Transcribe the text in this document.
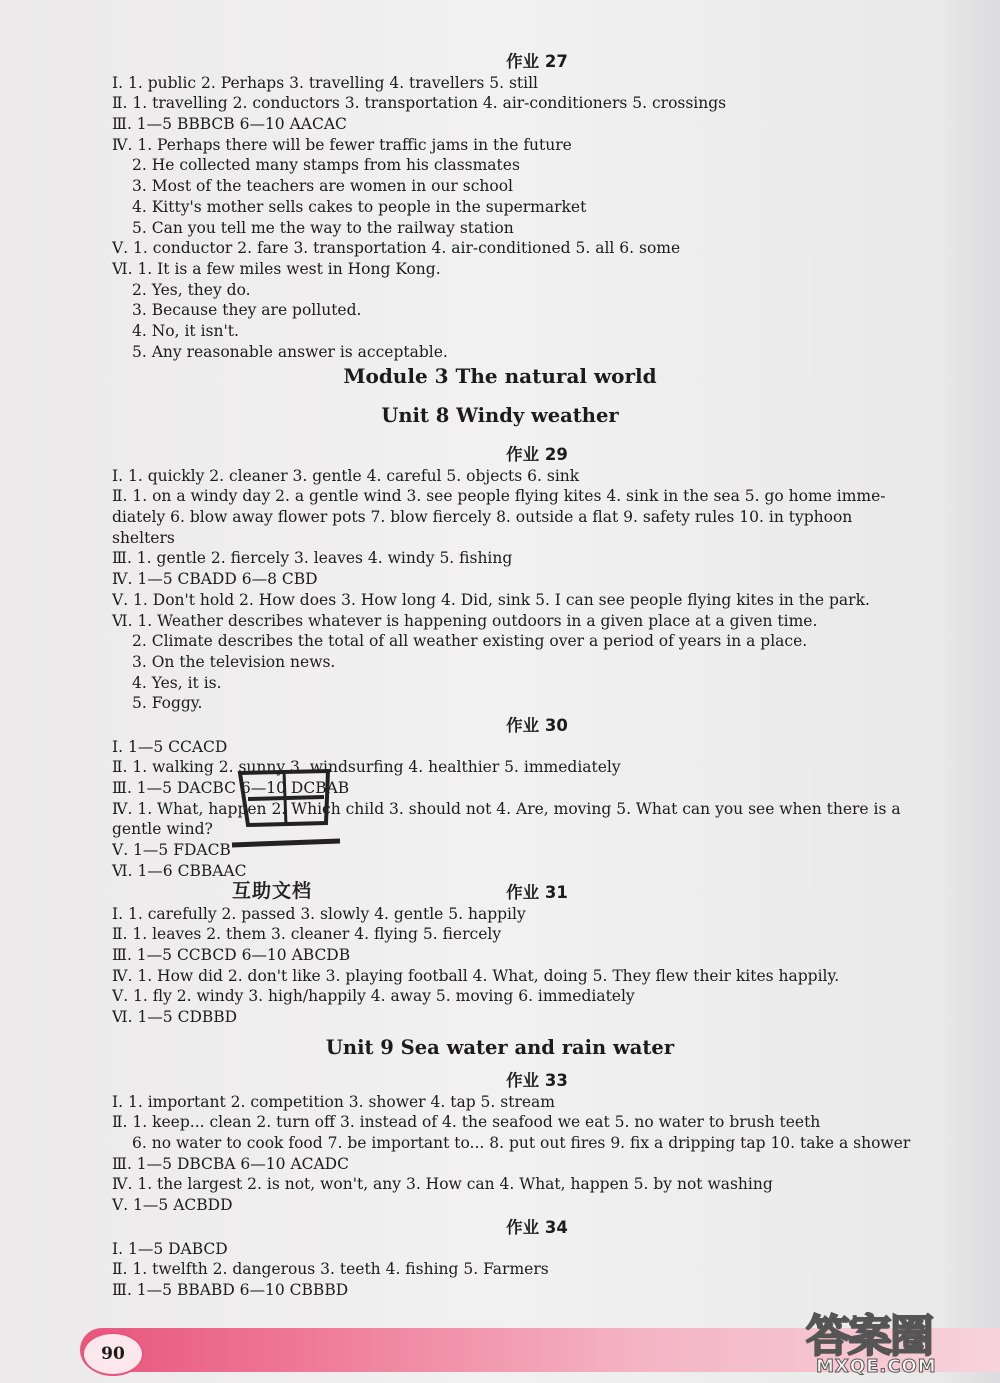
作业 27
Ⅰ. 1. public 2. Perhaps 3. travelling 4. travellers 5. still
Ⅱ. 1. travelling 2. conductors 3. transportation 4. air-conditioners 5. crossings
Ⅲ. 1—5 BBBCB 6—10 AACAC
Ⅳ. 1. Perhaps there will be fewer traffic jams in the future
2. He collected many stamps from his classmates
3. Most of the teachers are women in our school
4. Kitty's mother sells cakes to people in the supermarket
5. Can you tell me the way to the railway station
Ⅴ. 1. conductor 2. fare 3. transportation 4. air-conditioned 5. all 6. some
Ⅵ. 1. It is a few miles west in Hong Kong.
2. Yes, they do.
3. Because they are polluted.
4. No, it isn't.
5. Any reasonable answer is acceptable.
Module 3 The natural world
Unit 8 Windy weather
作业 29
Ⅰ. 1. quickly 2. cleaner 3. gentle 4. careful 5. objects 6. sink
Ⅱ. 1. on a windy day 2. a gentle wind 3. see people flying kites 4. sink in the sea 5. go home imme-
diately 6. blow away flower pots 7. blow fiercely 8. outside a flat 9. safety rules 10. in typhoon
shelters
Ⅲ. 1. gentle 2. fiercely 3. leaves 4. windy 5. fishing
Ⅳ. 1—5 CBADD 6—8 CBD
Ⅴ. 1. Don't hold 2. How does 3. How long 4. Did, sink 5. I can see people flying kites in the park.
Ⅵ. 1. Weather describes whatever is happening outdoors in a given place at a given time.
2. Climate describes the total of all weather existing over a period of years in a place.
3. On the television news.
4. Yes, it is.
5. Foggy.
作业 30
Ⅰ. 1—5 CCACD
Ⅱ. 1. walking 2. sunny 3. windsurfing 4. healthier 5. immediately
Ⅲ. 1—5 DACBC 6—10 DCBAB
Ⅳ. 1. What, happen 2. Which child 3. should not 4. Are, moving 5. What can you see when there is a
gentle wind?
Ⅴ. 1—5 FDACB
Ⅵ. 1—6 CBBAAC
互助文档	作业 31
Ⅰ. 1. carefully 2. passed 3. slowly 4. gentle 5. happily
Ⅱ. 1. leaves 2. them 3. cleaner 4. flying 5. fiercely
Ⅲ. 1—5 CCBCD 6—10 ABCDB
Ⅳ. 1. How did 2. don't like 3. playing football 4. What, doing 5. They flew their kites happily.
Ⅴ. 1. fly 2. windy 3. high/happily 4. away 5. moving 6. immediately
Ⅵ. 1—5 CDBBD
Unit 9 Sea water and rain water
作业 33
Ⅰ. 1. important 2. competition 3. shower 4. tap 5. stream
Ⅱ. 1. keep... clean 2. turn off 3. instead of 4. the seafood we eat 5. no water to brush teeth
6. no water to cook food 7. be important to... 8. put out fires 9. fix a dripping tap 10. take a shower
Ⅲ. 1—5 DBCBA 6—10 ACADC
Ⅳ. 1. the largest 2. is not, won't, any 3. How can 4. What, happen 5. by not washing
Ⅴ. 1—5 ACBDD
作业 34
Ⅰ. 1—5 DABCD
Ⅱ. 1. twelfth 2. dangerous 3. teeth 4. fishing 5. Farmers
Ⅲ. 1—5 BBABD 6—10 CBBBD
90	答案圈
MXQE.COM
